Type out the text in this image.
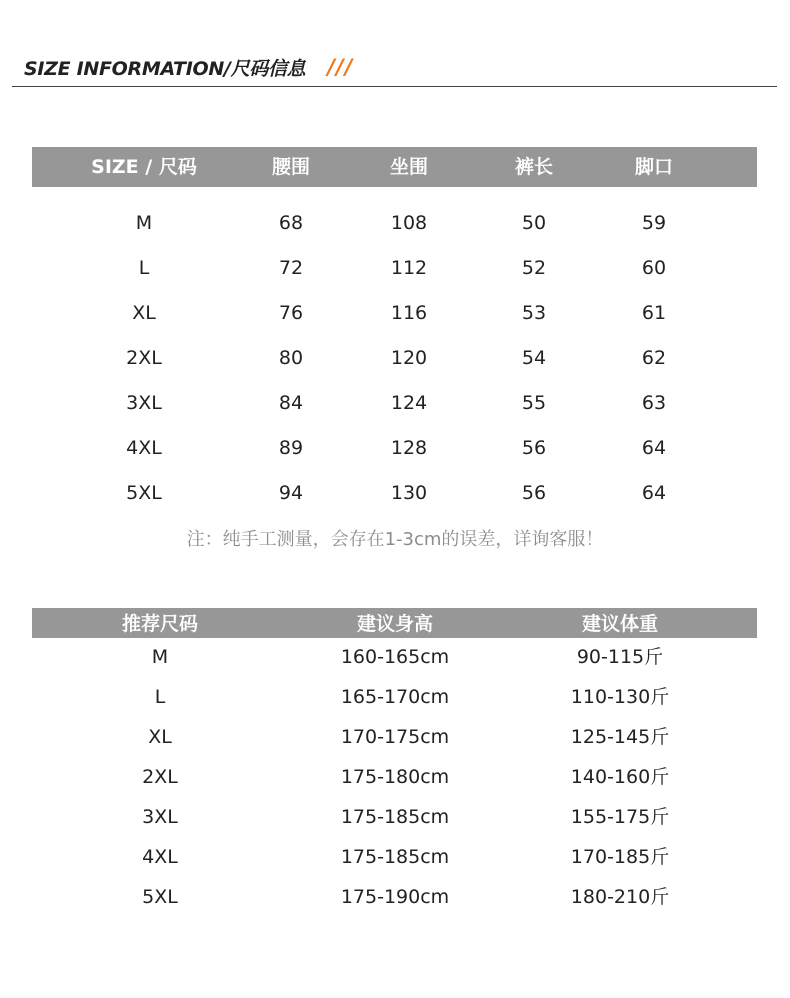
SIZE INFORMATION/尺码信息 ///
SIZE / 尺码	腰围	坐围	裤长	脚口
M	68	108	50	59
L	72	112	52	60
XL	76	116	53	61
2XL	80	120	54	62
3XL	84	124	55	63
4XL	89	128	56	64
5XL	94	130	56	64
注：纯手工测量，会存在1-3cm的误差，详询客服！
推荐尺码	建议身高	建议体重
M	160-165cm	90-115斤
L	165-170cm	110-130斤
XL	170-175cm	125-145斤
2XL	175-180cm	140-160斤
3XL	175-185cm	155-175斤
4XL	175-185cm	170-185斤
5XL	175-190cm	180-210斤
